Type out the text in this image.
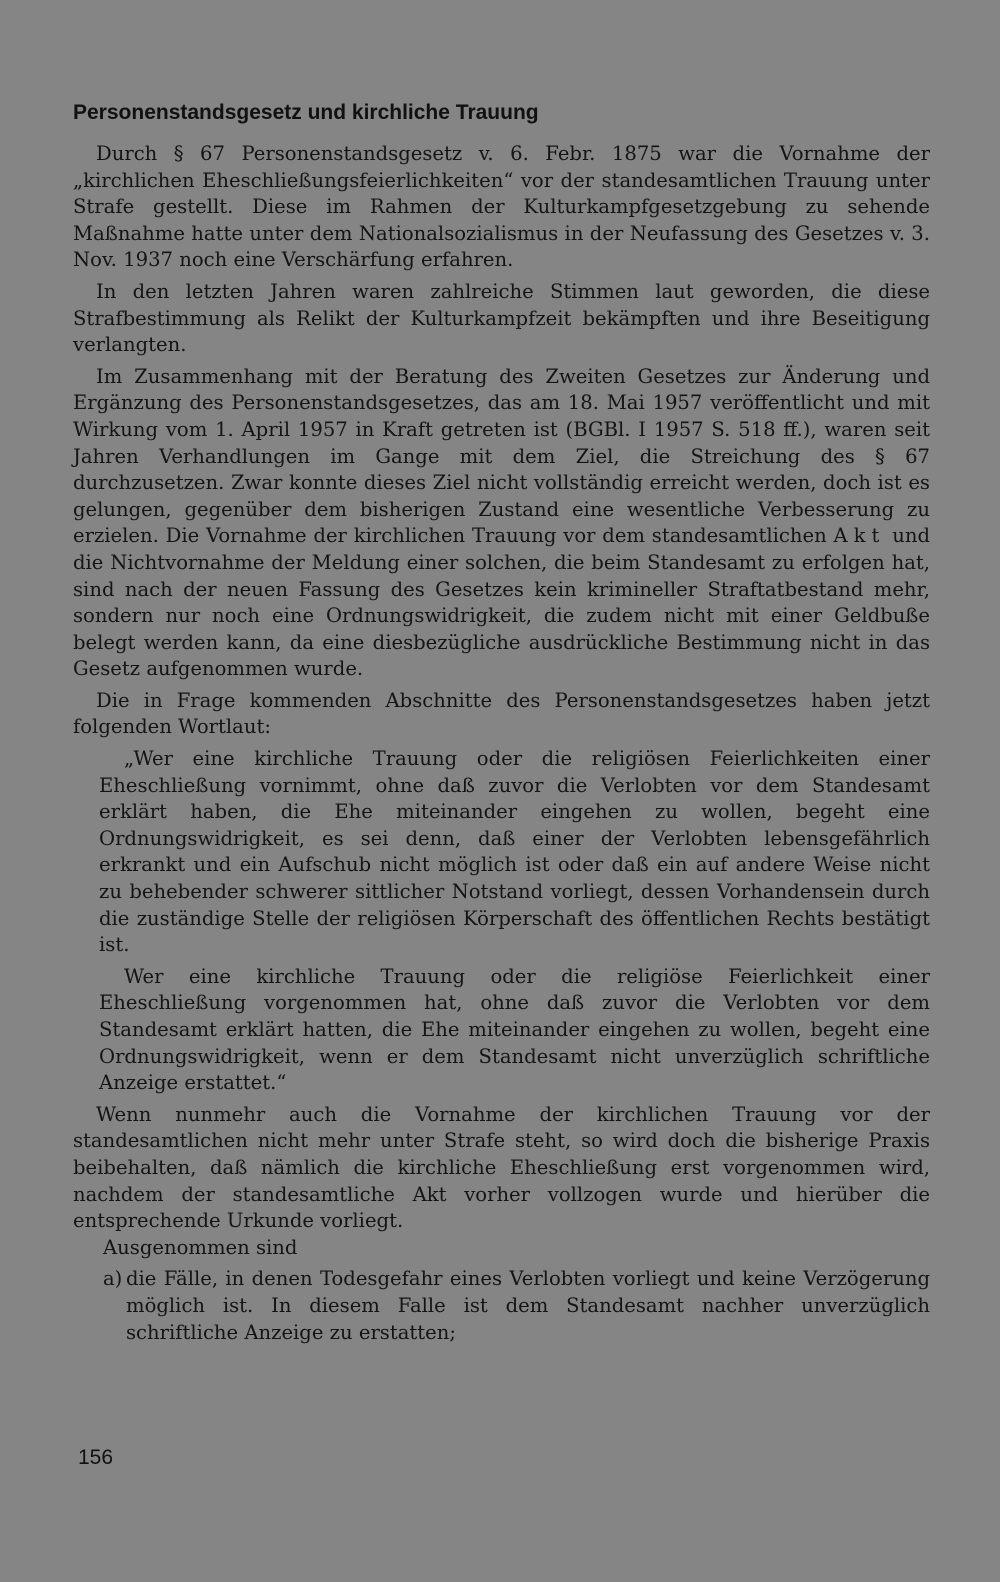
Personenstandsgesetz und kirchliche Trauung

Durch § 67 Personenstandsgesetz v. 6. Febr. 1875 war die Vornahme der „kirchlichen Eheschließungsfeierlichkeiten“ vor der standesamtlichen Trauung unter Strafe gestellt. Diese im Rahmen der Kulturkampfgesetzgebung zu sehende Maßnahme hatte unter dem Nationalsozialismus in der Neufassung des Gesetzes v. 3. Nov. 1937 noch eine Verschärfung erfahren.

In den letzten Jahren waren zahlreiche Stimmen laut geworden, die diese Strafbestimmung als Relikt der Kulturkampfzeit bekämpften und ihre Beseitigung verlangten.

Im Zusammenhang mit der Beratung des Zweiten Gesetzes zur Änderung und Ergänzung des Personenstandsgesetzes, das am 18. Mai 1957 veröffentlicht und mit Wirkung vom 1. April 1957 in Kraft getreten ist (BGBl. I 1957 S. 518 ff.), waren seit Jahren Verhandlungen im Gange mit dem Ziel, die Streichung des § 67 durchzusetzen. Zwar konnte dieses Ziel nicht vollständig erreicht werden, doch ist es gelungen, gegenüber dem bisherigen Zustand eine wesentliche Verbesserung zu erzielen. Die Vornahme der kirchlichen Trauung vor dem standesamtlichen Akt und die Nichtvornahme der Meldung einer solchen, die beim Standesamt zu erfolgen hat, sind nach der neuen Fassung des Gesetzes kein krimineller Straftatbestand mehr, sondern nur noch eine Ordnungswidrigkeit, die zudem nicht mit einer Geldbuße belegt werden kann, da eine diesbezügliche ausdrückliche Bestimmung nicht in das Gesetz aufgenommen wurde.

Die in Frage kommenden Abschnitte des Personenstandsgesetzes haben jetzt folgenden Wortlaut:

„Wer eine kirchliche Trauung oder die religiösen Feierlichkeiten einer Eheschließung vornimmt, ohne daß zuvor die Verlobten vor dem Standesamt erklärt haben, die Ehe miteinander eingehen zu wollen, begeht eine Ordnungswidrigkeit, es sei denn, daß einer der Verlobten lebensgefährlich erkrankt und ein Aufschub nicht möglich ist oder daß ein auf andere Weise nicht zu behebender schwerer sittlicher Notstand vorliegt, dessen Vorhandensein durch die zuständige Stelle der religiösen Körperschaft des öffentlichen Rechts bestätigt ist.

Wer eine kirchliche Trauung oder die religiöse Feierlichkeit einer Eheschließung vorgenommen hat, ohne daß zuvor die Verlobten vor dem Standesamt erklärt hatten, die Ehe miteinander eingehen zu wollen, begeht eine Ordnungswidrigkeit, wenn er dem Standesamt nicht unverzüglich schriftliche Anzeige erstattet.“

Wenn nunmehr auch die Vornahme der kirchlichen Trauung vor der standesamtlichen nicht mehr unter Strafe steht, so wird doch die bisherige Praxis beibehalten, daß nämlich die kirchliche Eheschließung erst vorgenommen wird, nachdem der standesamtliche Akt vorher vollzogen wurde und hierüber die entsprechende Urkunde vorliegt.

Ausgenommen sind

a) die Fälle, in denen Todesgefahr eines Verlobten vorliegt und keine Verzögerung möglich ist. In diesem Falle ist dem Standesamt nachher unverzüglich schriftliche Anzeige zu erstatten;
156
